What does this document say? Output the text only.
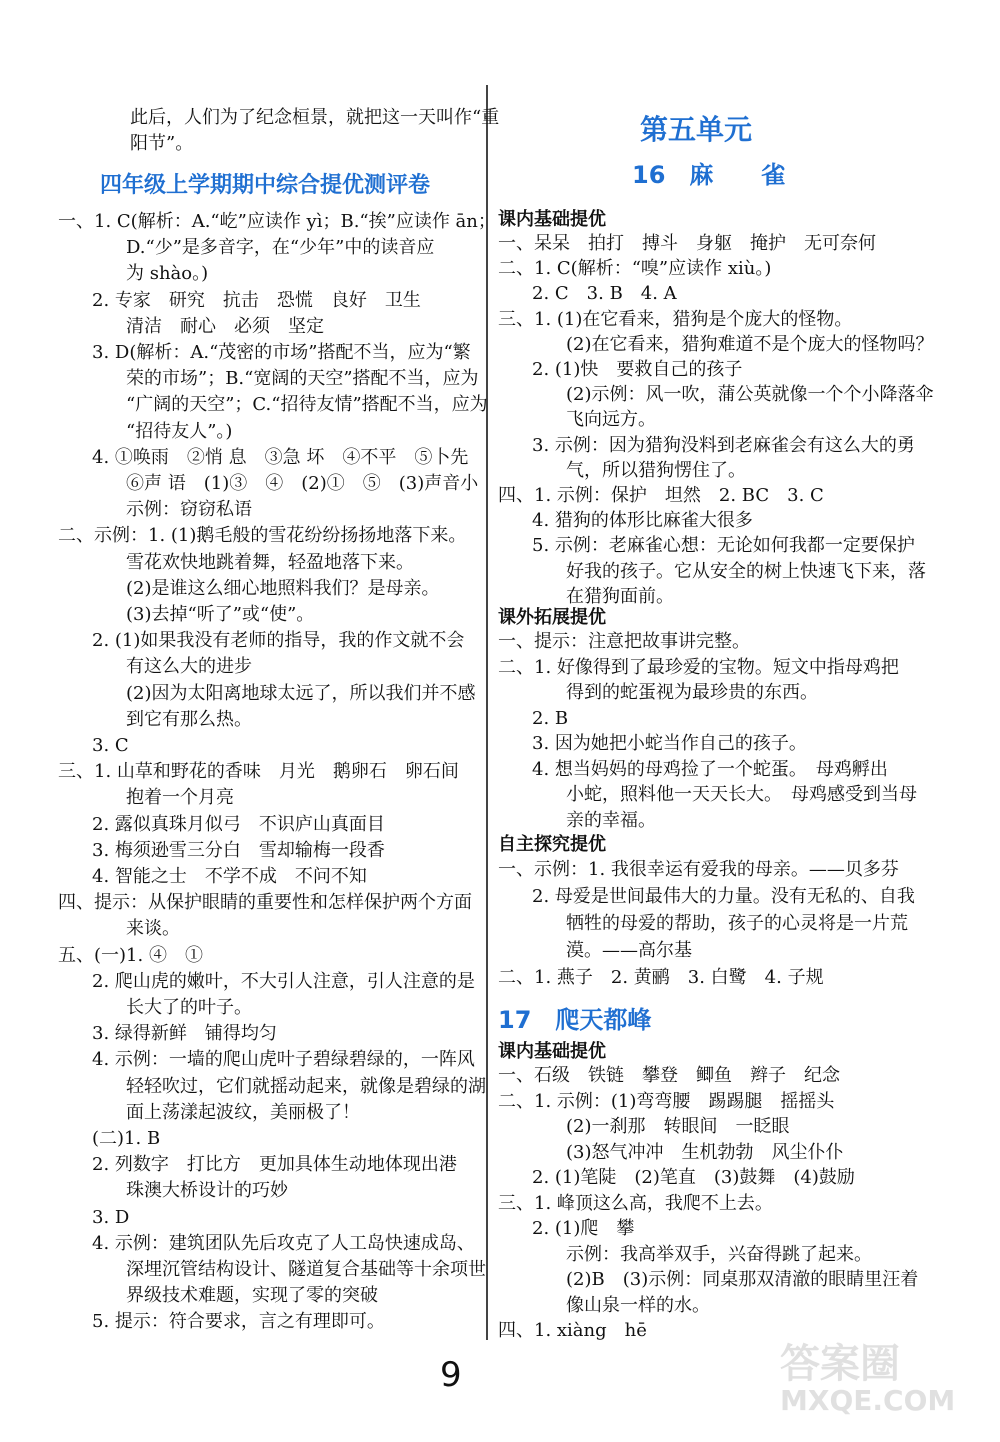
此后，人们为了纪念桓景，就把这一天叫作“重
阳节”。
四年级上学期期中综合提优测评卷
一、1. C(解析：A.“屹”应读作 yì；B.“挨”应读作 ān；
D.“少”是多音字，在“少年”中的读音应
为 shào。)
2. 专家　研究　抗击　恐慌　良好　卫生
清洁　耐心　必须　坚定
3. D(解析：A.“茂密的市场”搭配不当，应为“繁
荣的市场”；B.“宽阔的天空”搭配不当，应为
“广阔的天空”；C.“招待友情”搭配不当，应为
“招待友人”。)
4. ①唤雨　②悄 息　③急 坏　④不平　⑤卜先
⑥声 语　(1)③　④　(2)①　⑤　(3)声音小
示例：窃窃私语
二、示例：1. (1)鹅毛般的雪花纷纷扬扬地落下来。
雪花欢快地跳着舞，轻盈地落下来。
(2)是谁这么细心地照料我们？是母亲。
(3)去掉“听了”或“使”。
2. (1)如果我没有老师的指导，我的作文就不会
有这么大的进步
(2)因为太阳离地球太远了，所以我们并不感
到它有那么热。
3. C
三、1. 山草和野花的香味　月光　鹅卵石　卵石间
抱着一个月亮
2. 露似真珠月似弓　不识庐山真面目
3. 梅须逊雪三分白　雪却输梅一段香
4. 智能之士　不学不成　不问不知
四、提示：从保护眼睛的重要性和怎样保护两个方面
来谈。
五、(一)1. ④　①
2. 爬山虎的嫩叶，不大引人注意，引人注意的是
长大了的叶子。
3. 绿得新鲜　铺得均匀
4. 示例：一墙的爬山虎叶子碧绿碧绿的，一阵风
轻轻吹过，它们就摇动起来，就像是碧绿的湖
面上荡漾起波纹，美丽极了！
(二)1. B
2. 列数字　打比方　更加具体生动地体现出港
珠澳大桥设计的巧妙
3. D
4. 示例：建筑团队先后攻克了人工岛快速成岛、
深埋沉管结构设计、隧道复合基础等十余项世
界级技术难题，实现了零的突破
5. 提示：符合要求，言之有理即可。
第五单元
16　麻　　雀
课内基础提优
一、呆呆　拍打　搏斗　身躯　掩护　无可奈何
二、1. C(解析：“嗅”应读作 xiù。)
2. C　3. B　4. A
三、1. (1)在它看来，猎狗是个庞大的怪物。
(2)在它看来，猎狗难道不是个庞大的怪物吗？
2. (1)快　要救自己的孩子
(2)示例：风一吹，蒲公英就像一个个小降落伞
飞向远方。
3. 示例：因为猎狗没料到老麻雀会有这么大的勇
气，所以猎狗愣住了。
四、1. 示例：保护　坦然　2. BC　3. C
4. 猎狗的体形比麻雀大很多
5. 示例：老麻雀心想：无论如何我都一定要保护
好我的孩子。它从安全的树上快速飞下来，落
在猎狗面前。
课外拓展提优
一、提示：注意把故事讲完整。
二、1. 好像得到了最珍爱的宝物。短文中指母鸡把
得到的蛇蛋视为最珍贵的东西。
2. B
3. 因为她把小蛇当作自己的孩子。
4. 想当妈妈的母鸡捡了一个蛇蛋。　母鸡孵出
小蛇，照料他一天天长大。　母鸡感受到当母
亲的幸福。
自主探究提优
一、示例：1. 我很幸运有爱我的母亲。——贝多芬
2. 母爱是世间最伟大的力量。没有无私的、自我
牺牲的母爱的帮助，孩子的心灵将是一片荒
漠。——高尔基
二、1. 燕子　2. 黄鹂　3. 白鹭　4. 子规
17　爬天都峰
课内基础提优
一、石级　铁链　攀登　鲫鱼　辫子　纪念
二、1. 示例：(1)弯弯腰　踢踢腿　摇摇头
(2)一刹那　转眼间　一眨眼
(3)怒气冲冲　生机勃勃　风尘仆仆
2. (1)笔陡　(2)笔直　(3)鼓舞　(4)鼓励
三、1. 峰顶这么高，我爬不上去。
2. (1)爬　攀
示例：我高举双手，兴奋得跳了起来。
(2)B　(3)示例：同桌那双清澈的眼睛里汪着
像山泉一样的水。
四、1. xiàng　hē
9	答案圈
MXQE.COM
